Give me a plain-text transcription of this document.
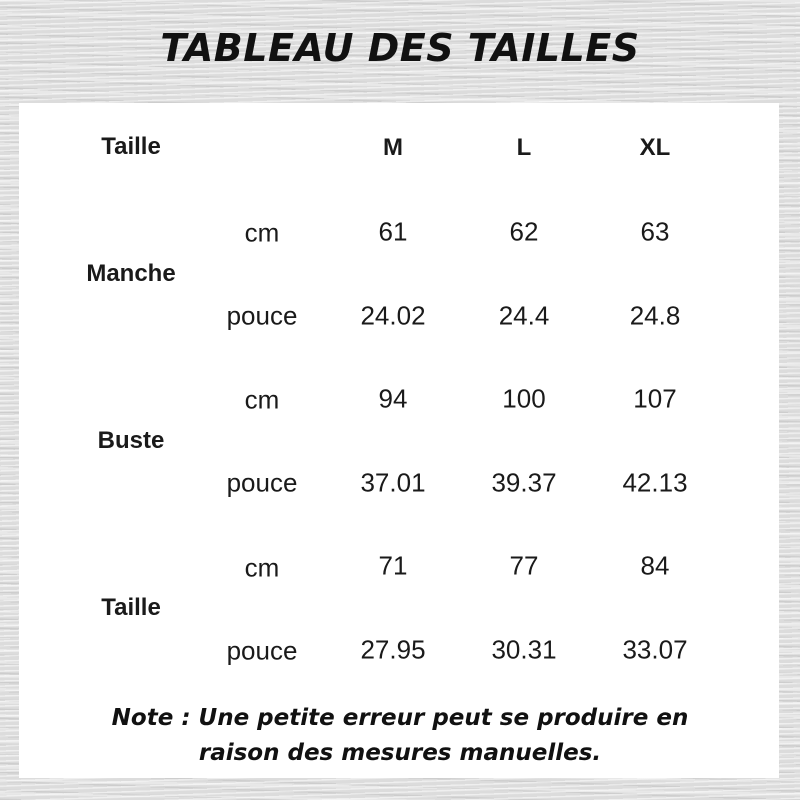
TABLEAU DES TAILLES
Taille	M	L	XL
Manche
cm	61	62	63
pouce 24.02	24.4	24.8
Buste
cm	94	100	107
pouce 37.01	39.37	42.13
Taille
cm	71	77	84
pouce 27.95	30.31	33.07
Note : Une petite erreur peut se produire en
raison des mesures manuelles.
